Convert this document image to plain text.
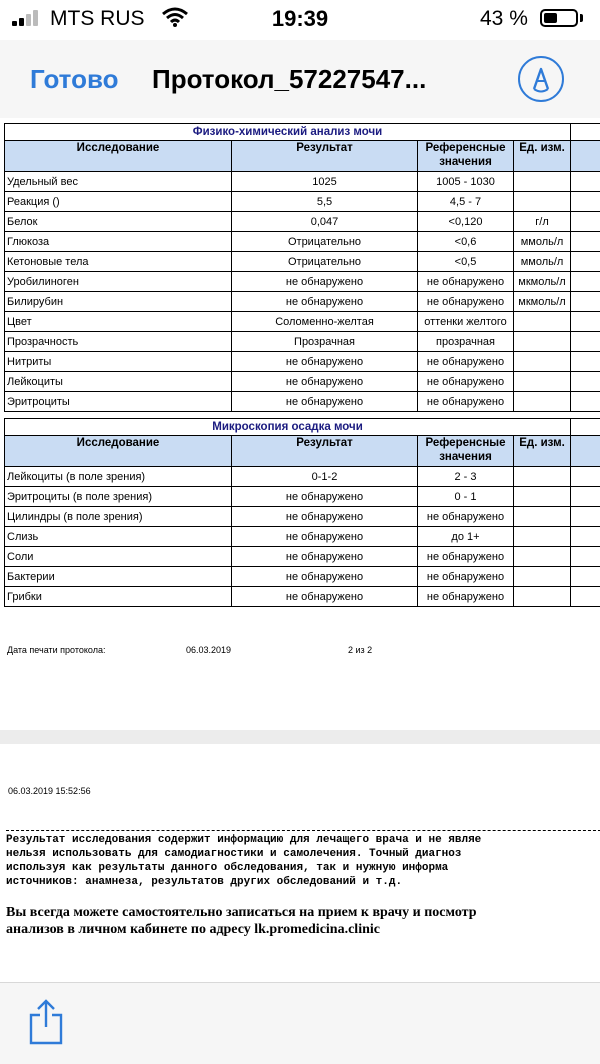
MTS RUS	19:39	43 %
Готово Протокол_57227547...
Физико-химический анализ мочи				
Исследование	Результат	Референсные значения	Ед. изм.	
Удельный вес	1025	1005 - 1030		
Реакция ()	5,5	4,5 - 7		
Белок	0,047	<0,120	г/л	
Глюкоза	Отрицательно	<0,6	ммоль/л	
Кетоновые тела	Отрицательно	<0,5	ммоль/л	
Уробилиноген	не обнаружено	не обнаружено	мкмоль/л	
Билирубин	не обнаружено	не обнаружено	мкмоль/л	
Цвет	Соломенно-желтая	оттенки желтого		
Прозрачность	Прозрачная	прозрачная		
Нитриты	не обнаружено	не обнаружено		
Лейкоциты	не обнаружено	не обнаружено		
Эритроциты	не обнаружено	не обнаружено		
Микроскопия осадка мочи				
Исследование	Результат	Референсные значения	Ед. изм.	
Лейкоциты (в поле зрения)	0-1-2	2 - 3		
Эритроциты (в поле зрения)	не обнаружено	0 - 1		
Цилиндры (в поле зрения)	не обнаружено	не обнаружено		
Слизь	не обнаружено	до 1+		
Соли	не обнаружено	не обнаружено		
Бактерии	не обнаружено	не обнаружено		
Грибки	не обнаружено	не обнаружено		
Дата печати протокола:	06.03.2019	2 из 2
06.03.2019 15:52:56
Результат исследования содержит информацию для лечащего врача и не являе
нельзя использовать для самодиагностики и самолечения. Точный диагноз
используя как результаты данного обследования, так и нужную информа
источников: анамнеза, результатов других обследований и т.д.
Вы всегда можете самостоятельно записаться на прием к врачу и посмотр
анализов в личном кабинете по адресу lk.promedicina.clinic
